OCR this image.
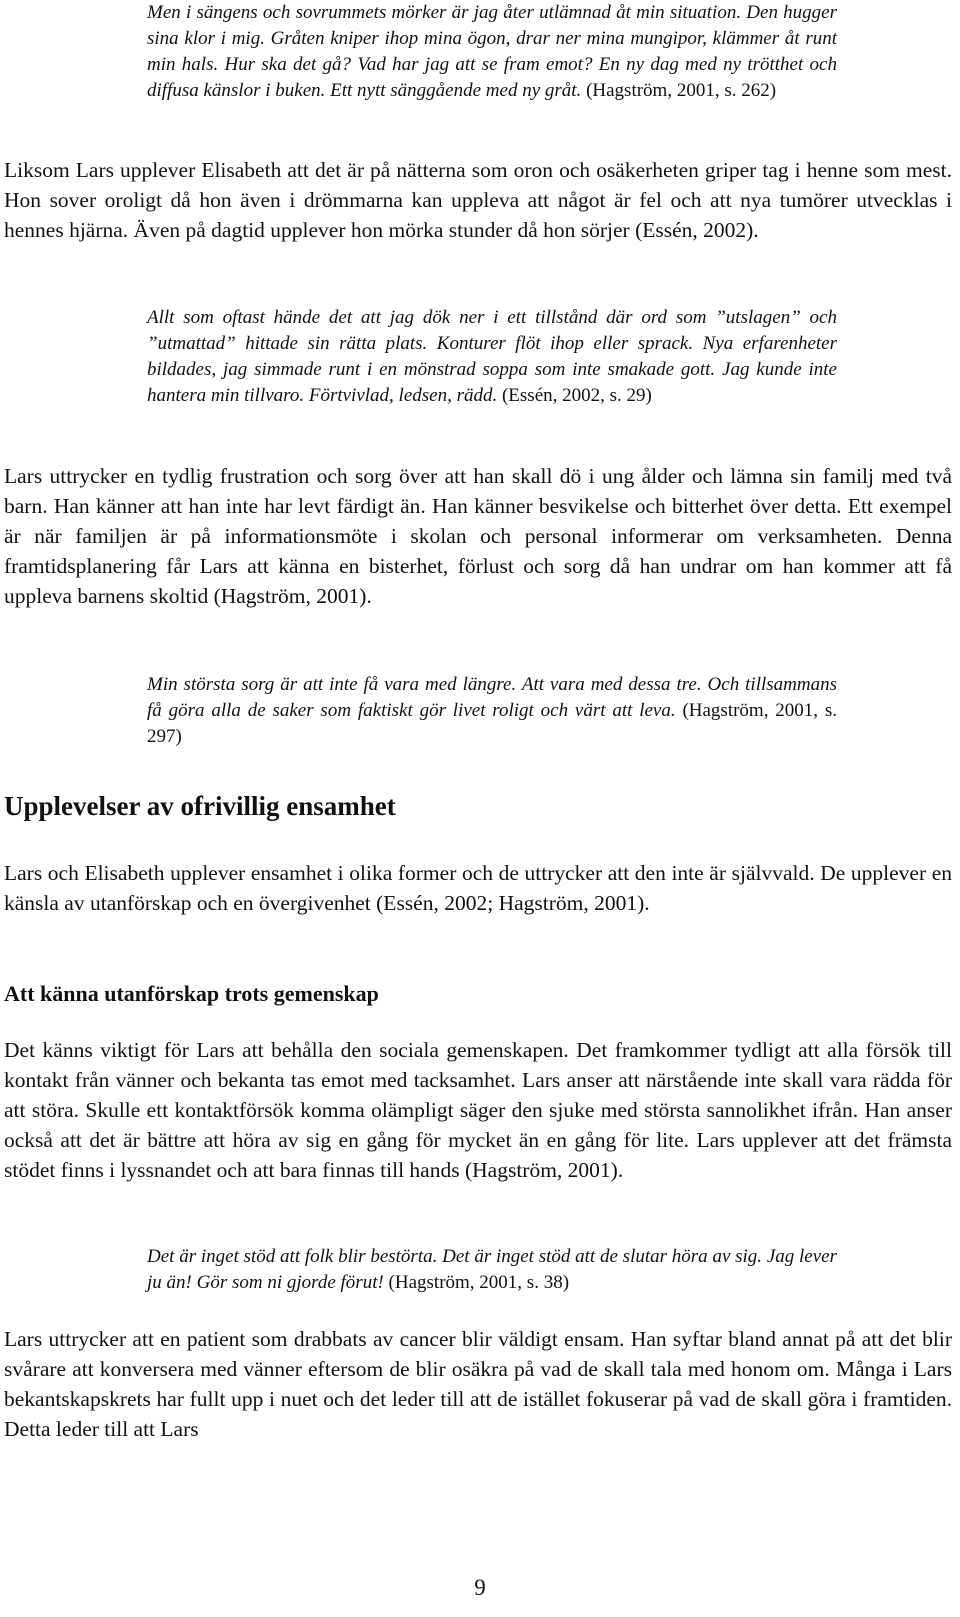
Men i sängens och sovrummets mörker är jag åter utlämnad åt min situation. Den hugger sina klor i mig. Gråten kniper ihop mina ögon, drar ner mina mungipor, klämmer åt runt min hals. Hur ska det gå? Vad har jag att se fram emot? En ny dag med ny trötthet och diffusa känslor i buken. Ett nytt sänggående med ny gråt. (Hagström, 2001, s. 262)

Liksom Lars upplever Elisabeth att det är på nätterna som oron och osäkerheten griper tag i henne som mest. Hon sover oroligt då hon även i drömmarna kan uppleva att något är fel och att nya tumörer utvecklas i hennes hjärna. Även på dagtid upplever hon mörka stunder då hon sörjer (Essén, 2002).

Allt som oftast hände det att jag dök ner i ett tillstånd där ord som ”utslagen” och ”utmattad” hittade sin rätta plats. Konturer flöt ihop eller sprack. Nya erfarenheter bildades, jag simmade runt i en mönstrad soppa som inte smakade gott. Jag kunde inte hantera min tillvaro. Förtvivlad, ledsen, rädd. (Essén, 2002, s. 29)

Lars uttrycker en tydlig frustration och sorg över att han skall dö i ung ålder och lämna sin familj med två barn. Han känner att han inte har levt färdigt än. Han känner besvikelse och bitterhet över detta. Ett exempel är när familjen är på informationsmöte i skolan och personal informerar om verksamheten. Denna framtidsplanering får Lars att känna en bisterhet, förlust och sorg då han undrar om han kommer att få uppleva barnens skoltid (Hagström, 2001).

Min största sorg är att inte få vara med längre. Att vara med dessa tre. Och tillsammans få göra alla de saker som faktiskt gör livet roligt och värt att leva. (Hagström, 2001, s. 297)

Upplevelser av ofrivillig ensamhet

Lars och Elisabeth upplever ensamhet i olika former och de uttrycker att den inte är självvald. De upplever en känsla av utanförskap och en övergivenhet (Essén, 2002; Hagström, 2001).

Att känna utanförskap trots gemenskap

Det känns viktigt för Lars att behålla den sociala gemenskapen. Det framkommer tydligt att alla försök till kontakt från vänner och bekanta tas emot med tacksamhet. Lars anser att närstående inte skall vara rädda för att störa. Skulle ett kontaktförsök komma olämpligt säger den sjuke med största sannolikhet ifrån. Han anser också att det är bättre att höra av sig en gång för mycket än en gång för lite. Lars upplever att det främsta stödet finns i lyssnandet och att bara finnas till hands (Hagström, 2001).

Det är inget stöd att folk blir bestörta. Det är inget stöd att de slutar höra av sig. Jag lever ju än! Gör som ni gjorde förut! (Hagström, 2001, s. 38)

Lars uttrycker att en patient som drabbats av cancer blir väldigt ensam. Han syftar bland annat på att det blir svårare att konversera med vänner eftersom de blir osäkra på vad de skall tala med honom om. Många i Lars bekantskapskrets har fullt upp i nuet och det leder till att de istället fokuserar på vad de skall göra i framtiden. Detta leder till att Lars

9
